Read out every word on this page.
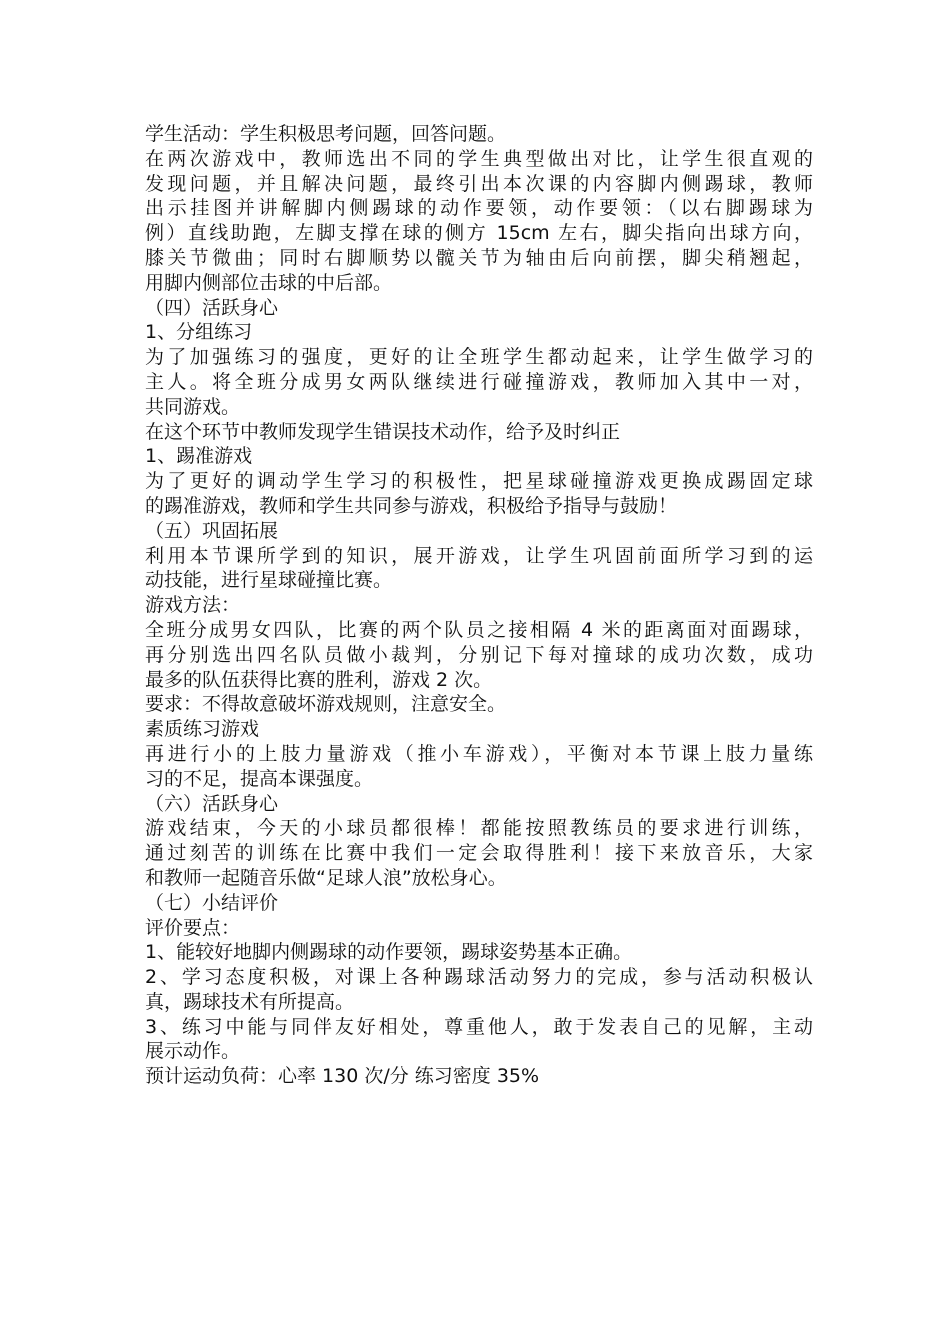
学生活动：学生积极思考问题，回答问题。
在两次游戏中，教师选出不同的学生典型做出对比，让学生很直观的
发现问题，并且解决问题，最终引出本次课的内容脚内侧踢球，教师
出示挂图并讲解脚内侧踢球的动作要领，动作要领：（以右脚踢球为
例）直线助跑，左脚支撑在球的侧方 15cm 左右，脚尖指向出球方向，
膝关节微曲；同时右脚顺势以髋关节为轴由后向前摆，脚尖稍翘起，
用脚内侧部位击球的中后部。
（四）活跃身心
1、分组练习
为了加强练习的强度，更好的让全班学生都动起来，让学生做学习的
主人。将全班分成男女两队继续进行碰撞游戏，教师加入其中一对，
共同游戏。
在这个环节中教师发现学生错误技术动作，给予及时纠正
1、踢准游戏
为了更好的调动学生学习的积极性，把星球碰撞游戏更换成踢固定球
的踢准游戏，教师和学生共同参与游戏，积极给予指导与鼓励！
（五）巩固拓展
利用本节课所学到的知识，展开游戏，让学生巩固前面所学习到的运
动技能，进行星球碰撞比赛。
游戏方法：
全班分成男女四队，比赛的两个队员之接相隔 4 米的距离面对面踢球，
再分别选出四名队员做小裁判，分别记下每对撞球的成功次数，成功
最多的队伍获得比赛的胜利，游戏 2 次。
要求：不得故意破坏游戏规则，注意安全。
素质练习游戏
再进行小的上肢力量游戏（推小车游戏），平衡对本节课上肢力量练
习的不足，提高本课强度。
（六）活跃身心
游戏结束，今天的小球员都很棒！都能按照教练员的要求进行训练，
通过刻苦的训练在比赛中我们一定会取得胜利！接下来放音乐，大家
和教师一起随音乐做“足球人浪”放松身心。
（七）小结评价
评价要点：
1、能较好地脚内侧踢球的动作要领，踢球姿势基本正确。
2、学习态度积极，对课上各种踢球活动努力的完成，参与活动积极认
真，踢球技术有所提高。
3、练习中能与同伴友好相处，尊重他人，敢于发表自己的见解，主动
展示动作。
预计运动负荷：心率 130 次/分 练习密度 35%
